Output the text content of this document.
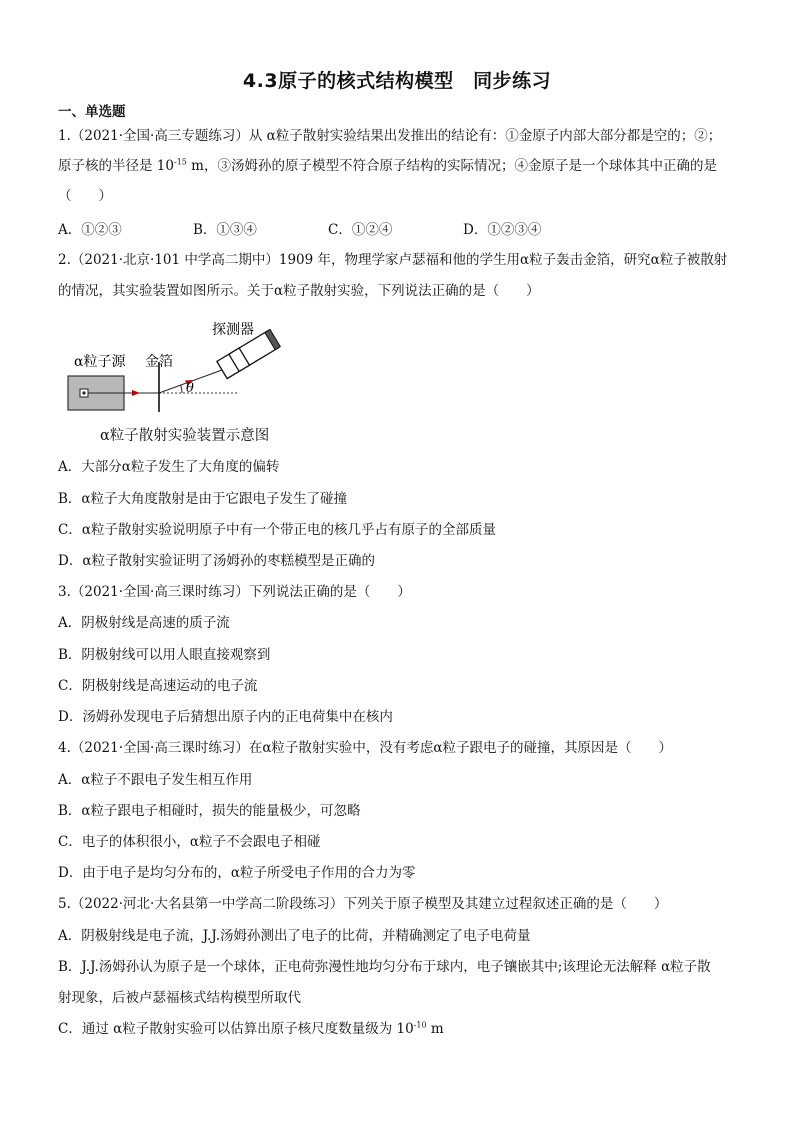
4.3原子的核式结构模型　同步练习
一、单选题
1.（2021·全国·高三专题练习）从 α粒子散射实验结果出发推出的结论有：①金原子内部大部分都是空的；②；
原子核的半径是 $10^{-15}$ m，③汤姆孙的原子模型不符合原子结构的实际情况；④金原子是一个球体其中正确的是
（　　）
A．①②③	B．①③④	C．①②④	D．①②③④
2.（2021·北京·101 中学高二期中）1909 年，物理学家卢瑟福和他的学生用α粒子轰击金箔，研究α粒子被散射
的情况，其实验装置如图所示。关于α粒子散射实验，下列说法正确的是（　　）
α粒子源 金箔
探测器
θ
α粒子散射实验装置示意图
A．大部分α粒子发生了大角度的偏转
B．α粒子大角度散射是由于它跟电子发生了碰撞
C．α粒子散射实验说明原子中有一个带正电的核几乎占有原子的全部质量
D．α粒子散射实验证明了汤姆孙的枣糕模型是正确的
3.（2021·全国·高三课时练习）下列说法正确的是（　　）
A．阴极射线是高速的质子流
B．阴极射线可以用人眼直接观察到
C．阴极射线是高速运动的电子流
D．汤姆孙发现电子后猜想出原子内的正电荷集中在核内
4.（2021·全国·高三课时练习）在α粒子散射实验中，没有考虑α粒子跟电子的碰撞，其原因是（　　）
A．α粒子不跟电子发生相互作用
B．α粒子跟电子相碰时，损失的能量极少，可忽略
C．电子的体积很小，α粒子不会跟电子相碰
D．由于电子是均匀分布的，α粒子所受电子作用的合力为零
5.（2022·河北·大名县第一中学高二阶段练习）下列关于原子模型及其建立过程叙述正确的是（　　）
A．阴极射线是电子流，J.J.汤姆孙测出了电子的比荷，并精确测定了电子电荷量
B．J.J.汤姆孙认为原子是一个球体，正电荷弥漫性地均匀分布于球内，电子镶嵌其中;该理论无法解释 α粒子散
射现象，后被卢瑟福核式结构模型所取代
C．通过 α粒子散射实验可以估算出原子核尺度数量级为 $10^{-10}$ m
